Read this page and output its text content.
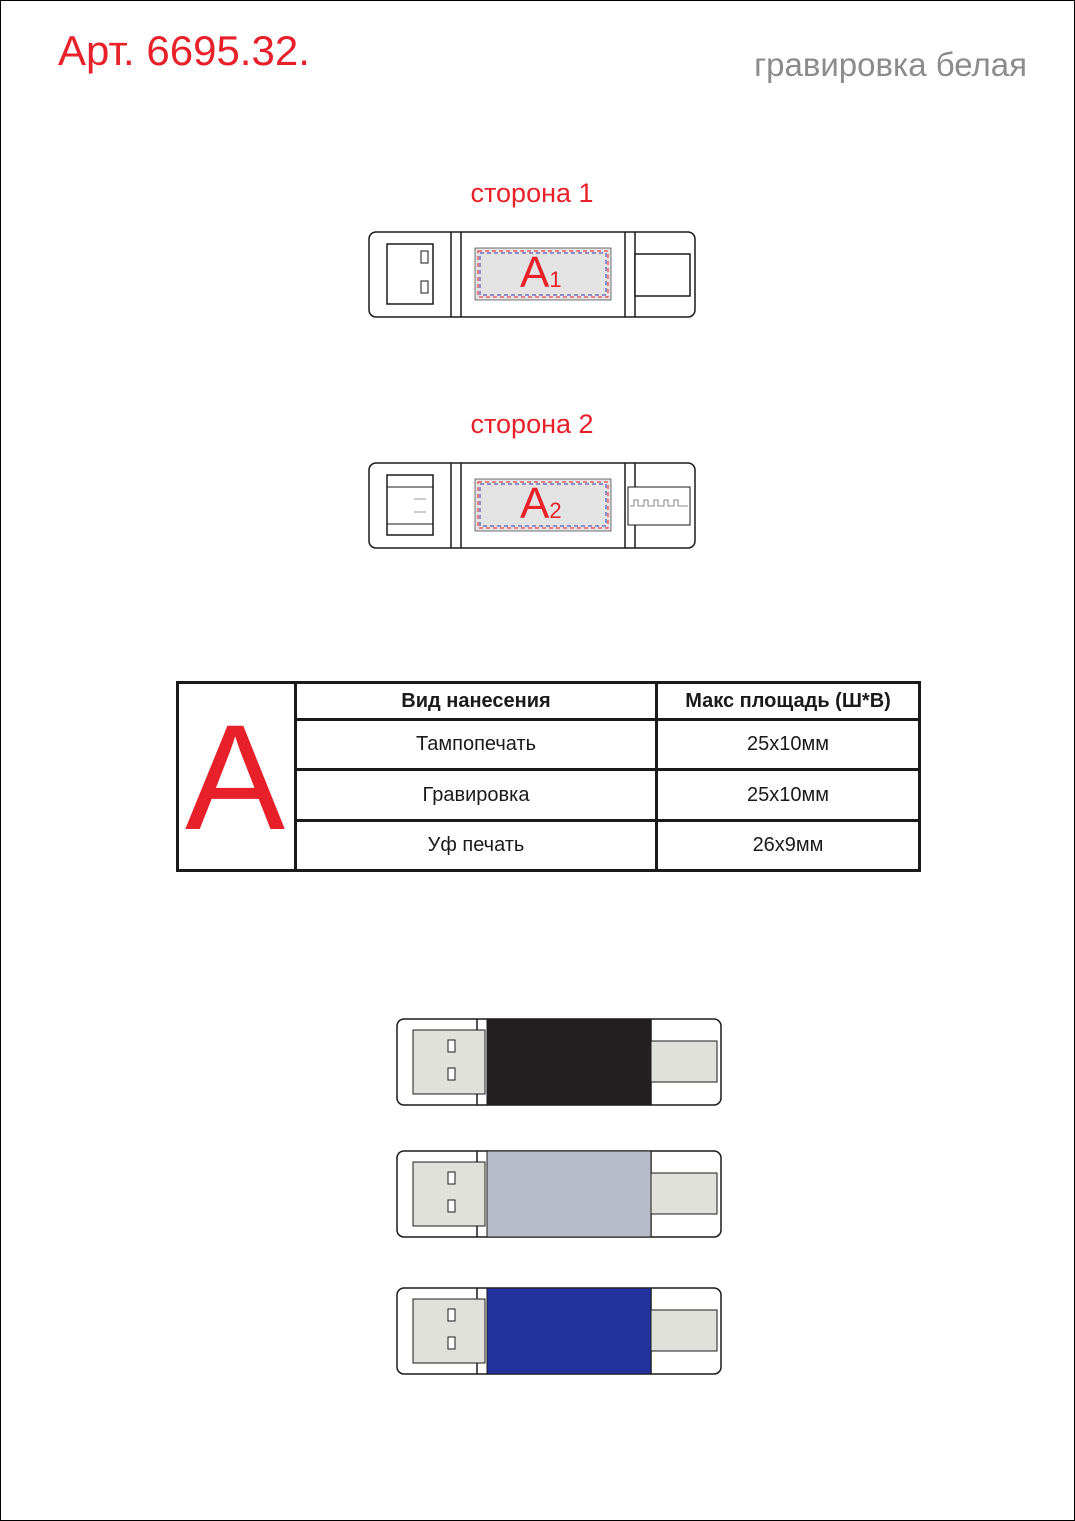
Арт. 6695.32.	гравировка белая
сторона 1
A1
сторона 2
A2
A	Вид нанесения	Макс площадь (Ш*В)
Тампопечать	25х10мм
Гравировка	25х10мм
Уф печать	26х9мм
